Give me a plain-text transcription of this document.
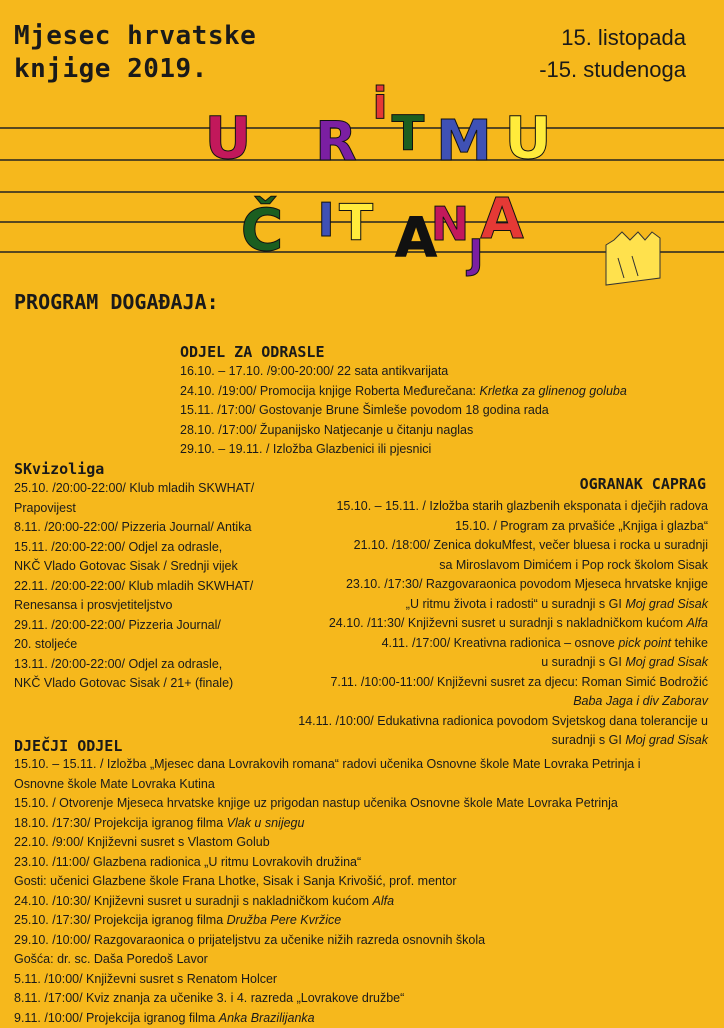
Mjesec hrvatske
knjige 2019.
15. listopada
-15. studenoga
U R
i
T M U
Č I T A
N
J
A
PROGRAM DOGAĐAJA:
ODJEL ZA ODRASLE
16.10. – 17.10. /9:00-20:00/ 22 sata antikvarijata
24.10. /19:00/ Promocija knjige Roberta Međurečana: Krletka za glinenog goluba
15.11. /17:00/ Gostovanje Brune Šimleše povodom 18 godina rada
28.10. /17:00/ Županijsko Natjecanje u čitanju naglas
29.10. – 19.11. / Izložba Glazbenici ili pjesnici
SKvizoliga
25.10. /20:00-22:00/ Klub mladih SKWHAT/
Prapovijest
8.11. /20:00-22:00/ Pizzeria Journal/ Antika
15.11. /20:00-22:00/ Odjel za odrasle,
NKČ Vlado Gotovac Sisak / Srednji vijek
22.11. /20:00-22:00/ Klub mladih SKWHAT/
Renesansa i prosvjetiteljstvo
29.11. /20:00-22:00/ Pizzeria Journal/
20. stoljeće
13.11. /20:00-22:00/ Odjel za odrasle,
NKČ Vlado Gotovac Sisak / 21+ (finale)
OGRANAK CAPRAG
15.10. – 15.11. / Izložba starih glazbenih eksponata i dječjih radova
15.10. / Program za prvašiće „Knjiga i glazba“
21.10. /18:00/ Zenica dokuMfest, večer bluesa i rocka u suradnji
sa Miroslavom Dimićem i Pop rock školom Sisak
23.10. /17:30/ Razgovaraonica povodom Mjeseca hrvatske knjige
„U ritmu života i radosti“ u suradnji s GI Moj grad Sisak
24.10. /11:30/ Književni susret u suradnji s nakladničkom kućom Alfa
4.11. /17:00/ Kreativna radionica – osnove pick point tehike
u suradnji s GI Moj grad Sisak
7.11. /10:00-11:00/ Književni susret za djecu: Roman Simić Bodrožić
Baba Jaga i div Zaborav
14.11. /10:00/ Edukativna radionica povodom Svjetskog dana tolerancije u
suradnji s GI Moj grad Sisak
DJEČJI ODJEL
15.10. – 15.11. / Izložba „Mjesec dana Lovrakovih romana“ radovi učenika Osnovne škole Mate Lovraka Petrinja i
Osnovne škole Mate Lovraka Kutina
15.10. / Otvorenje Mjeseca hrvatske knjige uz prigodan nastup učenika Osnovne škole Mate Lovraka Petrinja
18.10. /17:30/ Projekcija igranog filma Vlak u snijegu
22.10. /9:00/ Književni susret s Vlastom Golub
23.10. /11:00/ Glazbena radionica „U ritmu Lovrakovih družina“
Gosti: učenici Glazbene škole Frana Lhotke, Sisak i Sanja Krivošić, prof. mentor
24.10. /10:30/ Književni susret u suradnji s nakladničkom kućom Alfa
25.10. /17:30/ Projekcija igranog filma Družba Pere Kvržice
29.10. /10:00/ Razgovaraonica o prijateljstvu za učenike nižih razreda osnovnih škola
Gošća: dr. sc. Daša Poredoš Lavor
5.11. /10:00/ Književni susret s Renatom Holcer
8.11. /17:00/ Kviz znanja za učenike 3. i 4. razreda „Lovrakove družbe“
9.11. /10:00/ Projekcija igranog filma Anka Brazilijanka
